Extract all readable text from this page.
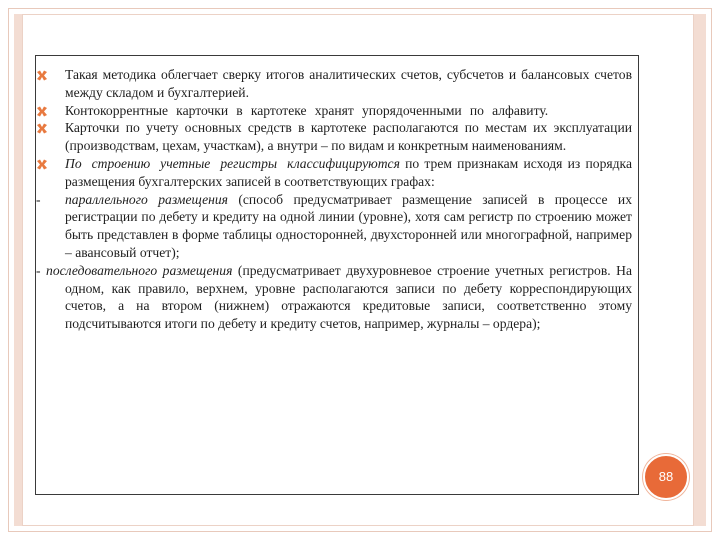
Такая методика облегчает сверку итогов аналитических счетов, субсчетов и балансовых счетов между складом и бухгалтерией.
Контокоррентные карточки в картотеке хранят упорядоченными по алфавиту.
Карточки по учету основных средств в картотеке располагаются по местам их эксплуатации (производствам, цехам, участкам), а внутри – по видам и конкретным наименованиям.
По строению учетные регистры классифицируются по трем признакам исходя из порядка размещения бухгалтерских записей в соответствующих графах:
-	параллельного размещения (способ предусматривает размещение записей в процессе их регистрации по дебету и кредиту на одной линии (уровне), хотя сам регистр по строению может быть представлен в форме таблицы односторонней, двухсторонней или многографной, например – авансовый отчет);
- последовательного размещения (предусматривает двухуровневое строение учетных регистров. На одном, как правило, верхнем, уровне располагаются записи по дебету корреспондирующих счетов, а на втором (нижнем) отражаются кредитовые записи, соответственно этому подсчитываются итоги по дебету и кредиту счетов, например, журналы – ордера);
88
